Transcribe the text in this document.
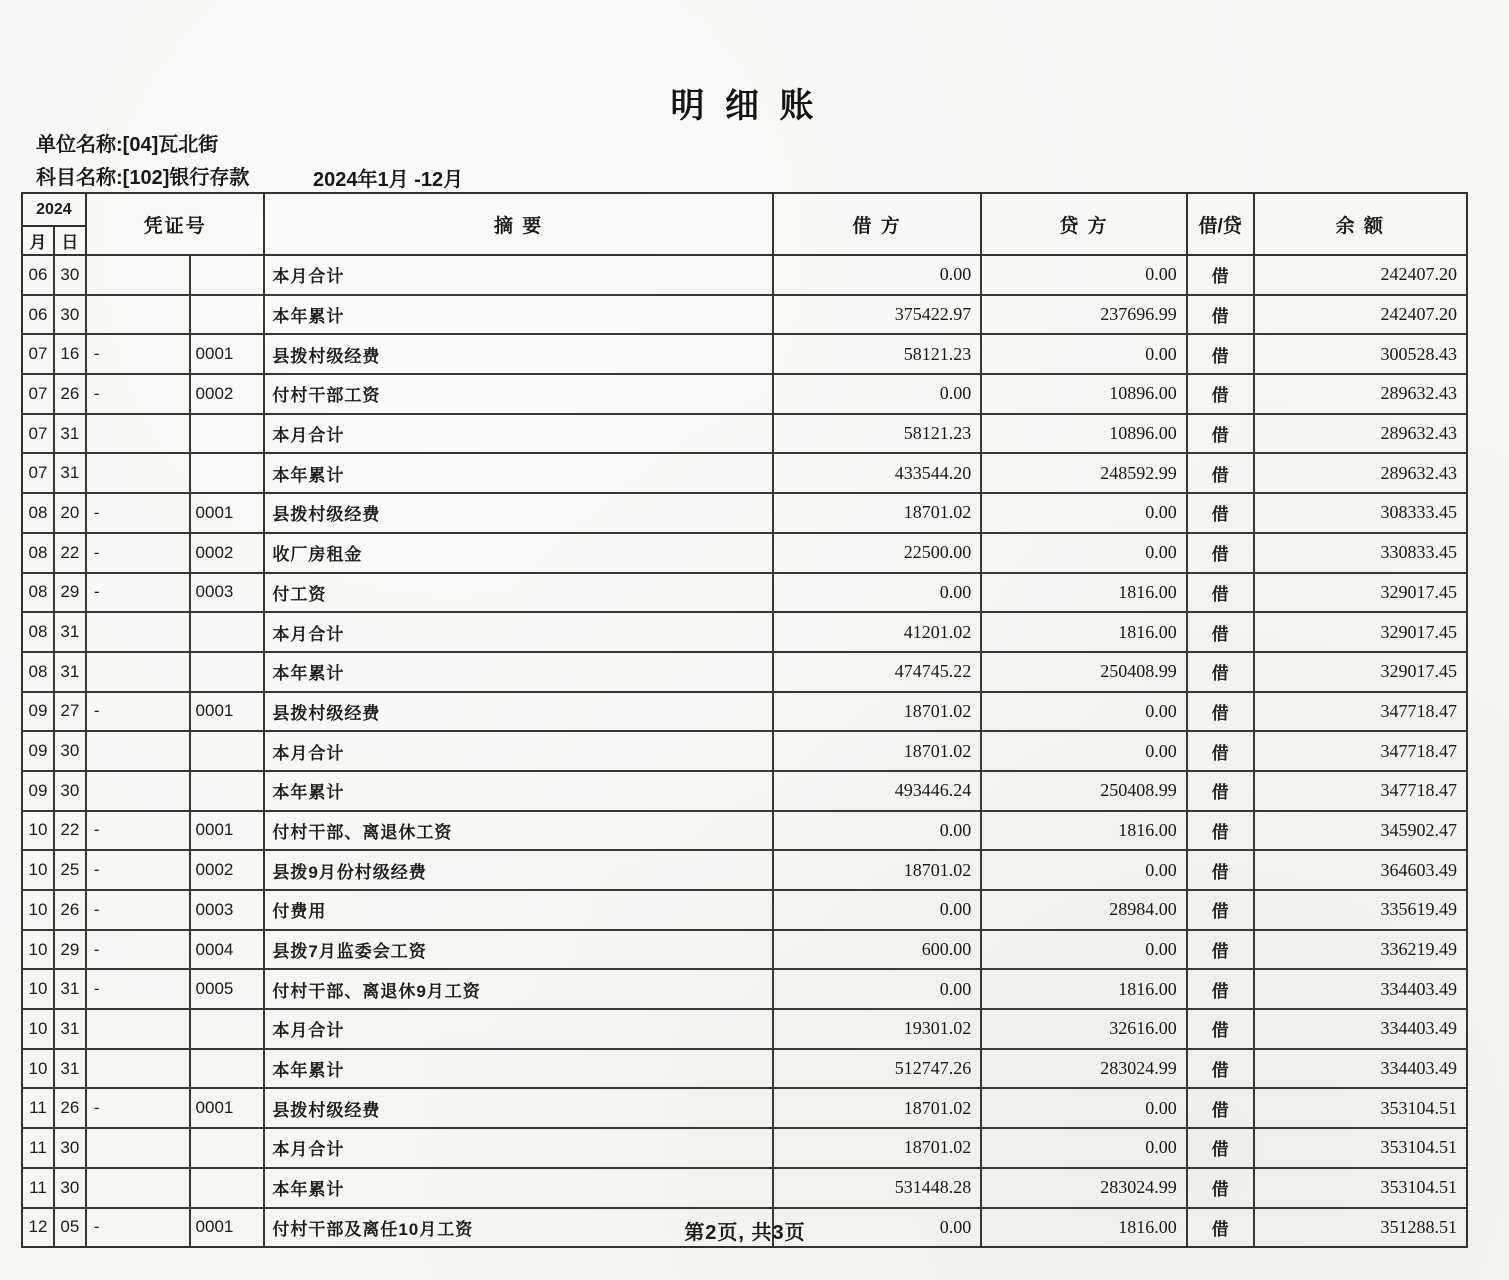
明 细 账
单位名称:[04]瓦北街
科目名称:[102]银行存款	2024年1月 -12月
2024
月 日
凭证号	摘 要	借 方	贷 方	借/贷	余 额
06 30	本月合计	0.00	0.00	借	242407.20
06 30	本年累计	375422.97	237696.99	借	242407.20
07 16 -	0001	县拨村级经费	58121.23	0.00	借	300528.43
07 26 -	0002	付村干部工资	0.00	10896.00	借	289632.43
07 31	本月合计	58121.23	10896.00	借	289632.43
07 31	本年累计	433544.20	248592.99	借	289632.43
08 20 -	0001	县拨村级经费	18701.02	0.00	借	308333.45
08 22 -	0002	收厂房租金	22500.00	0.00	借	330833.45
08 29 -	0003	付工资	0.00	1816.00	借	329017.45
08 31	本月合计	41201.02	1816.00	借	329017.45
08 31	本年累计	474745.22	250408.99	借	329017.45
09 27 -	0001	县拨村级经费	18701.02	0.00	借	347718.47
09 30	本月合计	18701.02	0.00	借	347718.47
09 30	本年累计	493446.24	250408.99	借	347718.47
10 22 -	0001	付村干部、离退休工资	0.00	1816.00	借	345902.47
10 25 -	0002	县拨9月份村级经费	18701.02	0.00	借	364603.49
10 26 -	0003	付费用	0.00	28984.00	借	335619.49
10 29 -	0004	县拨7月监委会工资	600.00	0.00	借	336219.49
10 31 -	0005	付村干部、离退休9月工资	0.00	1816.00	借	334403.49
10 31	本月合计	19301.02	32616.00	借	334403.49
10 31	本年累计	512747.26	283024.99	借	334403.49
11 26 -	0001	县拨村级经费	18701.02	0.00	借	353104.51
11 30	本月合计	18701.02	0.00	借	353104.51
11 30	本年累计	531448.28	283024.99	借	353104.51
12 05 -	0001	付村干部及离任10月工资	0.00	1816.00	借	351288.51
第2页, 共3页
